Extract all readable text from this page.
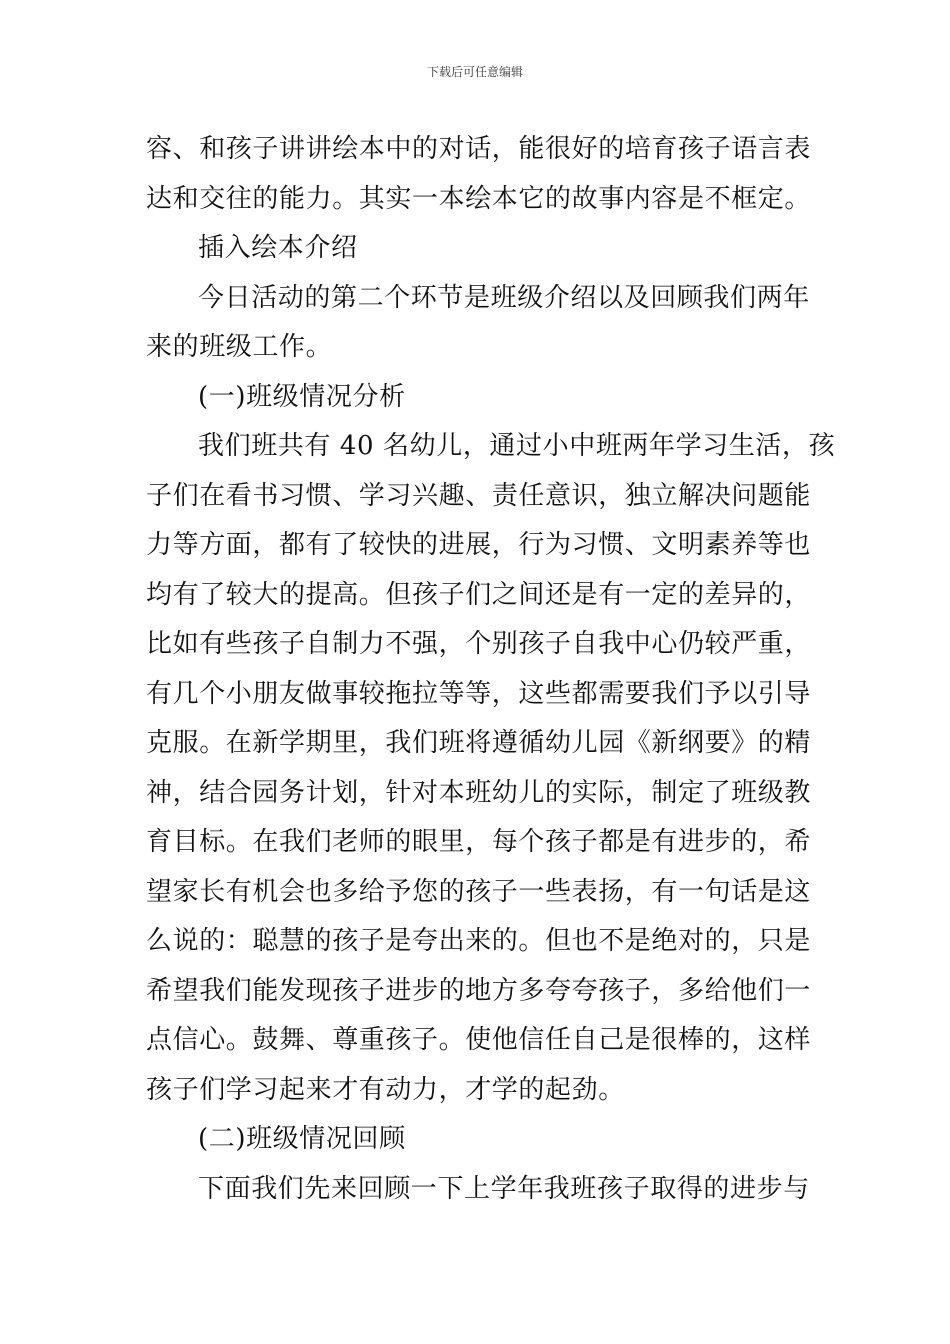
下载后可任意编辑
容、和孩子讲讲绘本中的对话，能很好的培育孩子语言表
达和交往的能力。其实一本绘本它的故事内容是不框定。
插入绘本介绍
今日活动的第二个环节是班级介绍以及回顾我们两年
来的班级工作。
(一)班级情况分析
我们班共有 40 名幼儿，通过小中班两年学习生活，孩
子们在看书习惯、学习兴趣、责任意识，独立解决问题能
力等方面，都有了较快的进展，行为习惯、文明素养等也
均有了较大的提高。但孩子们之间还是有一定的差异的，
比如有些孩子自制力不强，个别孩子自我中心仍较严重，
有几个小朋友做事较拖拉等等，这些都需要我们予以引导
克服。在新学期里，我们班将遵循幼儿园《新纲要》的精
神，结合园务计划，针对本班幼儿的实际，制定了班级教
育目标。在我们老师的眼里，每个孩子都是有进步的，希
望家长有机会也多给予您的孩子一些表扬，有一句话是这
么说的：聪慧的孩子是夸出来的。但也不是绝对的，只是
希望我们能发现孩子进步的地方多夸夸孩子，多给他们一
点信心。鼓舞、尊重孩子。使他信任自己是很棒的，这样
孩子们学习起来才有动力，才学的起劲。
(二)班级情况回顾
下面我们先来回顾一下上学年我班孩子取得的进步与
